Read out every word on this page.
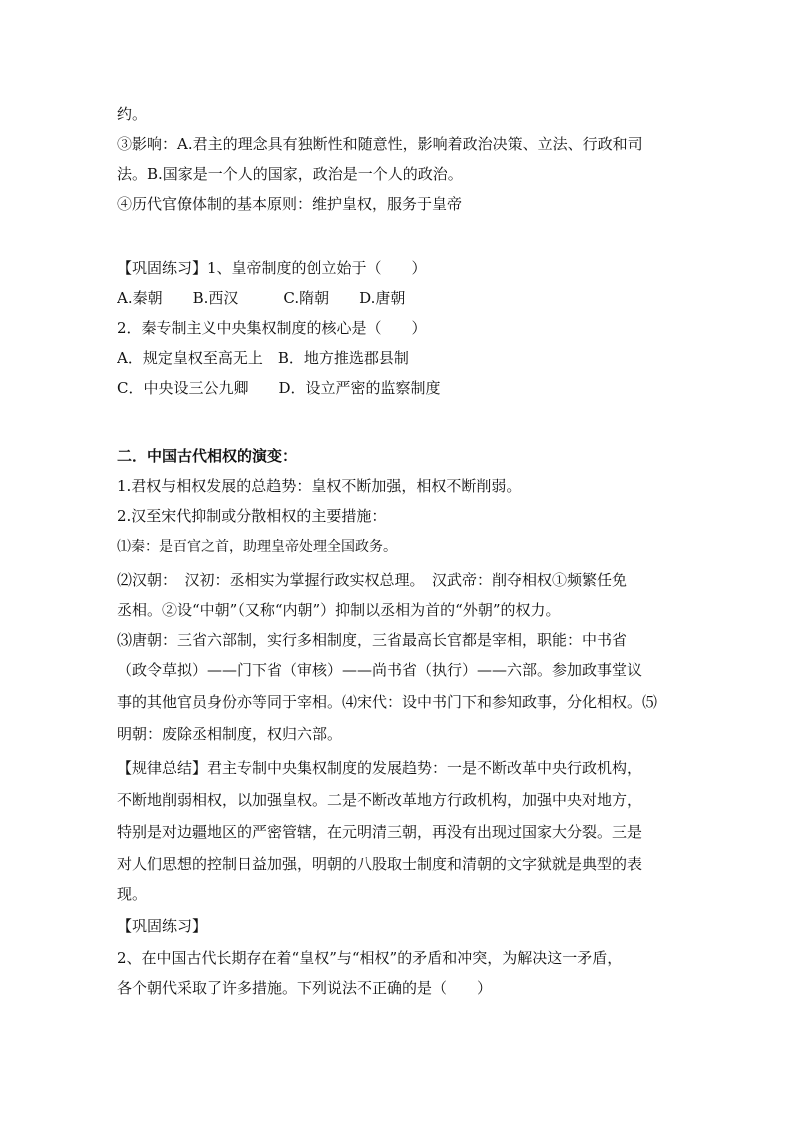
约。
③影响：A.君主的理念具有独断性和随意性，影响着政治决策、立法、行政和司
法。B.国家是一个人的国家，政治是一个人的政治。
④历代官僚体制的基本原则：维护皇权，服务于皇帝
【巩固练习】1、皇帝制度的创立始于（　　）
A.秦朝　　B.西汉　　　C.隋朝　　D.唐朝
2．秦专制主义中央集权制度的核心是（　　）
A．规定皇权至高无上　B．地方推选郡县制
C．中央设三公九卿　　D．设立严密的监察制度
二．中国古代相权的演变：
1.君权与相权发展的总趋势：皇权不断加强，相权不断削弱。
2.汉至宋代抑制或分散相权的主要措施：
⑴秦：是百官之首，助理皇帝处理全国政务。
⑵汉朝：　汉初：丞相实为掌握行政实权总理。　汉武帝：削夺相权①频繁任免
丞相。②设“中朝”（又称“内朝”）抑制以丞相为首的“外朝”的权力。
⑶唐朝：三省六部制，实行多相制度，三省最高长官都是宰相，职能：中书省
（政令草拟）——门下省（审核）——尚书省（执行）——六部。参加政事堂议
事的其他官员身份亦等同于宰相。⑷宋代：设中书门下和参知政事，分化相权。⑸
明朝：废除丞相制度，权归六部。
【规律总结】君主专制中央集权制度的发展趋势：一是不断改革中央行政机构，
不断地削弱相权，以加强皇权。二是不断改革地方行政机构，加强中央对地方，
特别是对边疆地区的严密管辖，在元明清三朝，再没有出现过国家大分裂。三是
对人们思想的控制日益加强，明朝的八股取士制度和清朝的文字狱就是典型的表
现。
【巩固练习】
2、在中国古代长期存在着“皇权”与“相权”的矛盾和冲突，为解决这一矛盾，
各个朝代采取了许多措施。下列说法不正确的是（　　）
